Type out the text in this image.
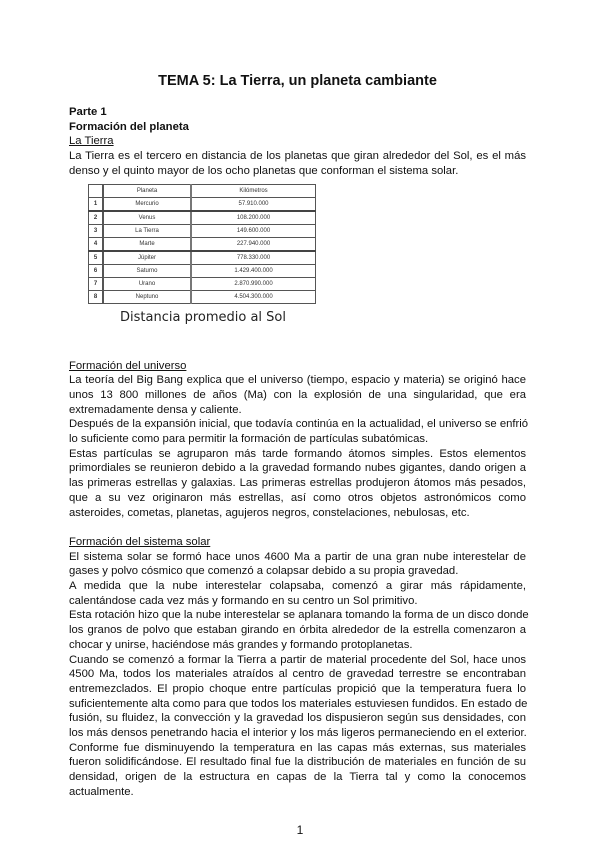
TEMA 5: La Tierra, un planeta cambiante
Parte 1
Formación del planeta
La Tierra
La Tierra es el tercero en distancia de los planetas que giran alrededor del Sol, es el más
denso y el quinto mayor de los ocho planetas que conforman el sistema solar.
	Planeta	Kilómetros
1	Mercurio	57.910.000
2	Venus	108.200.000
3	La Tierra	149.600.000
4	Marte	227.940.000
5	Júpiter	778.330.000
6	Saturno	1.429.400.000
7	Urano	2.870.990.000
8	Neptuno	4.504.300.000
Distancia promedio al Sol
Formación del universo
La teoría del Big Bang explica que el universo (tiempo, espacio y materia) se originó hace
unos 13 800 millones de años (Ma) con la explosión de una singularidad, que era
extremadamente densa y caliente.
Después de la expansión inicial, que todavía continúa en la actualidad, el universo se enfrió
lo suficiente como para permitir la formación de partículas subatómicas.
Estas partículas se agruparon más tarde formando átomos simples. Estos elementos
primordiales se reunieron debido a la gravedad formando nubes gigantes, dando origen a
las primeras estrellas y galaxias. Las primeras estrellas produjeron átomos más pesados,
que a su vez originaron más estrellas, así como otros objetos astronómicos como
asteroides, cometas, planetas, agujeros negros, constelaciones, nebulosas, etc.
Formación del sistema solar
El sistema solar se formó hace unos 4600 Ma a partir de una gran nube interestelar de
gases y polvo cósmico que comenzó a colapsar debido a su propia gravedad.
A medida que la nube interestelar colapsaba, comenzó a girar más rápidamente,
calentándose cada vez más y formando en su centro un Sol primitivo.
Esta rotación hizo que la nube interestelar se aplanara tomando la forma de un disco donde
los granos de polvo que estaban girando en órbita alrededor de la estrella comenzaron a
chocar y unirse, haciéndose más grandes y formando protoplanetas.
Cuando se comenzó a formar la Tierra a partir de material procedente del Sol, hace unos
4500 Ma, todos los materiales atraídos al centro de gravedad terrestre se encontraban
entremezclados. El propio choque entre partículas propició que la temperatura fuera lo
suficientemente alta como para que todos los materiales estuviesen fundidos. En estado de
fusión, su fluidez, la convección y la gravedad los dispusieron según sus densidades, con
los más densos penetrando hacia el interior y los más ligeros permaneciendo en el exterior.
Conforme fue disminuyendo la temperatura en las capas más externas, sus materiales
fueron solidificándose. El resultado final fue la distribución de materiales en función de su
densidad, origen de la estructura en capas de la Tierra tal y como la conocemos
actualmente.
1
